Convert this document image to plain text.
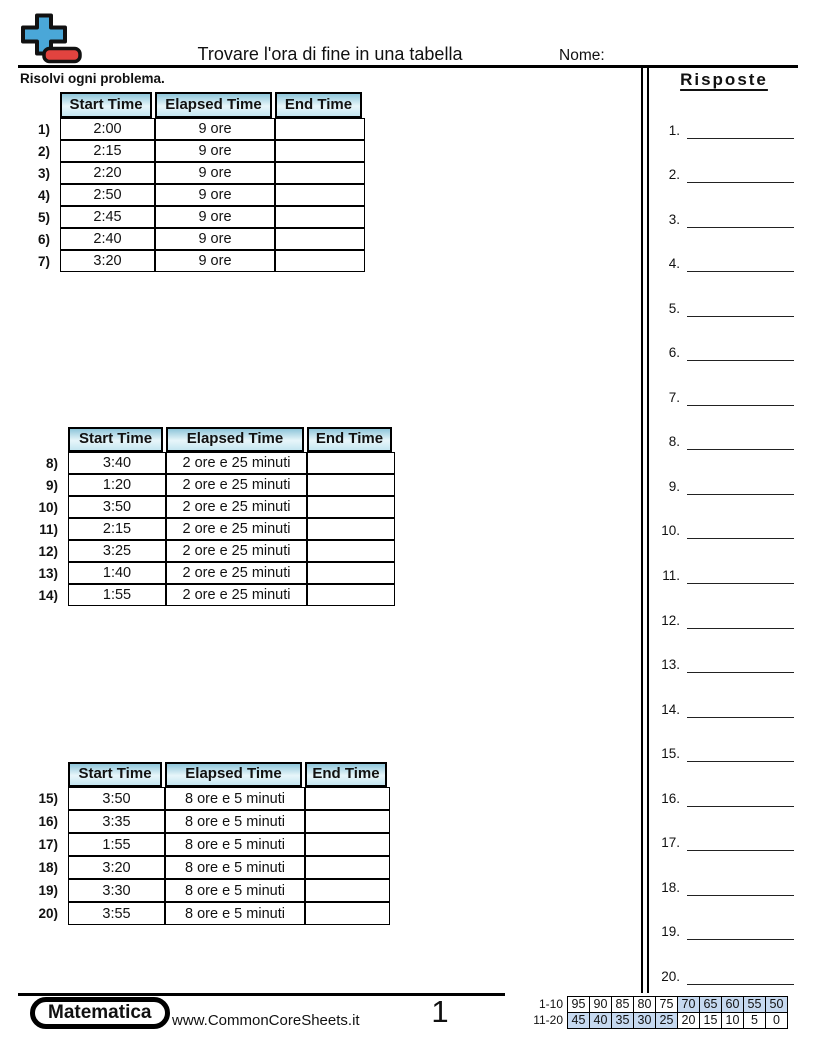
Trovare l'ora di fine in una tabella	Nome:
Risolvi ogni problema.
Start Time	Elapsed Time	End Time
1)	2:00	9 ore
2)	2:15	9 ore
3)	2:20	9 ore
4)	2:50	9 ore
5)	2:45	9 ore
6)	2:40	9 ore
7)	3:20	9 ore
Start Time	Elapsed Time	End Time
8)	3:40	2 ore e 25 minuti
9)	1:20	2 ore e 25 minuti
10)	3:50	2 ore e 25 minuti
11)	2:15	2 ore e 25 minuti
12)	3:25	2 ore e 25 minuti
13)	1:40	2 ore e 25 minuti
14)	1:55	2 ore e 25 minuti
Start Time	Elapsed Time	End Time
15)	3:50	8 ore e 5 minuti
16)	3:35	8 ore e 5 minuti
17)	1:55	8 ore e 5 minuti
18)	3:20	8 ore e 5 minuti
19)	3:30	8 ore e 5 minuti
20)	3:55	8 ore e 5 minuti
Risposte
1.
2.
3.
4.
5.
6.
7.
8.
9.
10.
11.
12.
13.
14.
15.
16.
17.
18.
19.
20.
Matematica www.CommonCoreSheets.it	1	1-10 95 90 85 80 75 70 65 60 55 50
11-20 45 40 35 30 25 20 15 10 5	0
